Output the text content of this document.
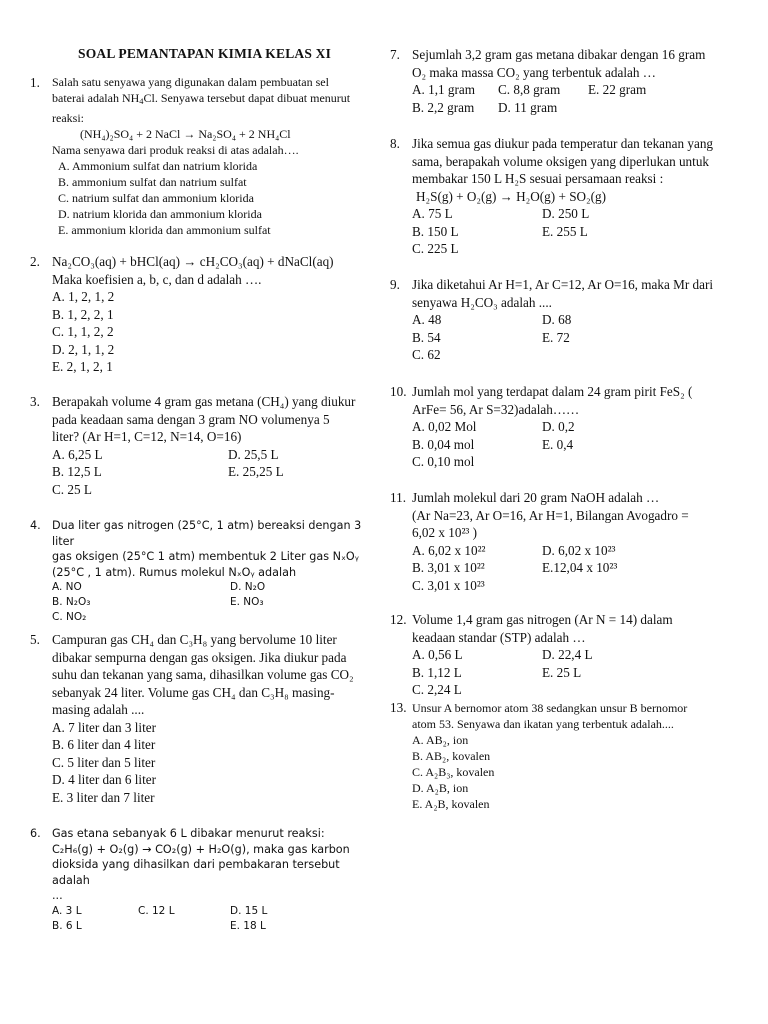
SOAL PEMANTAPAN KIMIA KELAS XI
1. Salah satu senyawa yang digunakan dalam pembuatan sel

baterai adalah $NH_4Cl$. Senyawa tersebut dapat dibuat menurut

reaksi:

(NH₄)₂SO₄ + 2 NaCl → Na₂SO₄ + 2 NH₄Cl

Nama senyawa dari produk reaksi di atas adalah….

A. Ammonium sulfat dan natrium klorida

B. ammonium sulfat dan natrium sulfat

C. natrium sulfat dan ammonium klorida

D. natrium klorida dan ammonium klorida

E. ammonium klorida dan ammonium sulfat

2. Na₂CO₃(aq) + bHCl(aq) → cH₂CO₃(aq) + dNaCl(aq)

Maka koefisien a, b, c, dan d adalah ….

A. 1, 2, 1, 2

B. 1, 2, 2, 1

C. 1, 1, 2, 2

D. 2, 1, 1, 2

E. 2, 1, 2, 1

3. Berapakah volume 4 gram gas metana (CH₄) yang diukur

pada keadaan sama dengan 3 gram NO volumenya 5

liter? (Ar H=1, C=12, N=14, O=16)

A. 6,25 L	D. 25,5 L
B. 12,5 L	E. 25,25 L
C. 25 L
4. Dua liter gas nitrogen (25°C, 1 atm) bereaksi dengan 3 liter

gas oksigen (25°C 1 atm) membentuk 2 Liter gas NₓOᵧ

(25°C , 1 atm). Rumus molekul NₓOᵧ adalah

A. NO	D. N₂O
B. N₂O₃	E. NO₃
C. NO₂
5. Campuran gas CH₄ dan C₃H₈ yang bervolume 10 liter

dibakar sempurna dengan gas oksigen. Jika diukur pada

suhu dan tekanan yang sama, dihasilkan volume gas CO₂

sebanyak 24 liter. Volume gas CH₄ dan C₃H₈ masing-

masing adalah ....

A. 7 liter dan 3 liter

B. 6 liter dan 4 liter

C. 5 liter dan 5 liter

D. 4 liter dan 6 liter

E. 3 liter dan 7 liter

6. Gas etana sebanyak 6 L dibakar menurut reaksi:

C₂H₆(g) + O₂(g) → CO₂(g) + H₂O(g), maka gas karbon

dioksida yang dihasilkan dari pembakaran tersebut adalah

...

A. 3 L	C. 12 L	D. 15 L
B. 6 L	E. 18 L
7. Sejumlah 3,2 gram gas metana dibakar dengan 16 gram

O₂ maka massa CO₂ yang terbentuk adalah …

A. 1,1 gram	C. 8,8 gram	E. 22 gram
B. 2,2 gram	D. 11 gram
8. Jika semua gas diukur pada temperatur dan tekanan yang

sama, berapakah volume oksigen yang diperlukan untuk

membakar 150 L H₂S sesuai persamaan reaksi :

H₂S(g) + O₂(g) → H₂O(g) + SO₂(g)

A. 75 L	D. 250 L
B. 150 L	E. 255 L
C. 225 L
9. Jika diketahui Ar H=1, Ar C=12, Ar O=16, maka Mr dari

senyawa H₂CO₃ adalah ....

A. 48	D. 68
B. 54	E. 72
C. 62
10. Jumlah mol yang terdapat dalam 24 gram pirit FeS₂ (

ArFe= 56, Ar S=32)adalah……

A. 0,02 Mol	D. 0,2
B. 0,04 mol	E. 0,4
C. 0,10 mol
11. Jumlah molekul dari 20 gram NaOH adalah …

(Ar Na=23, Ar O=16, Ar H=1, Bilangan Avogadro =

6,02 x 10²³ )

A. 6,02 x 10²²	D. 6,02 x 10²³
B. 3,01 x 10²²	E.12,04 x 10²³
C. 3,01 x 10²³
12. Volume 1,4 gram gas nitrogen (Ar N = 14) dalam

keadaan standar (STP) adalah …

A. 0,56 L	D. 22,4 L
B. 1,12 L	E. 25 L
C. 2,24 L
13. Unsur A bernomor atom 38 sedangkan unsur B bernomor

atom 53. Senyawa dan ikatan yang terbentuk adalah....

A. AB₂, ion

B. AB₂, kovalen

C. A₂B₃, kovalen

D. A₂B, ion

E. A₂B, kovalen
